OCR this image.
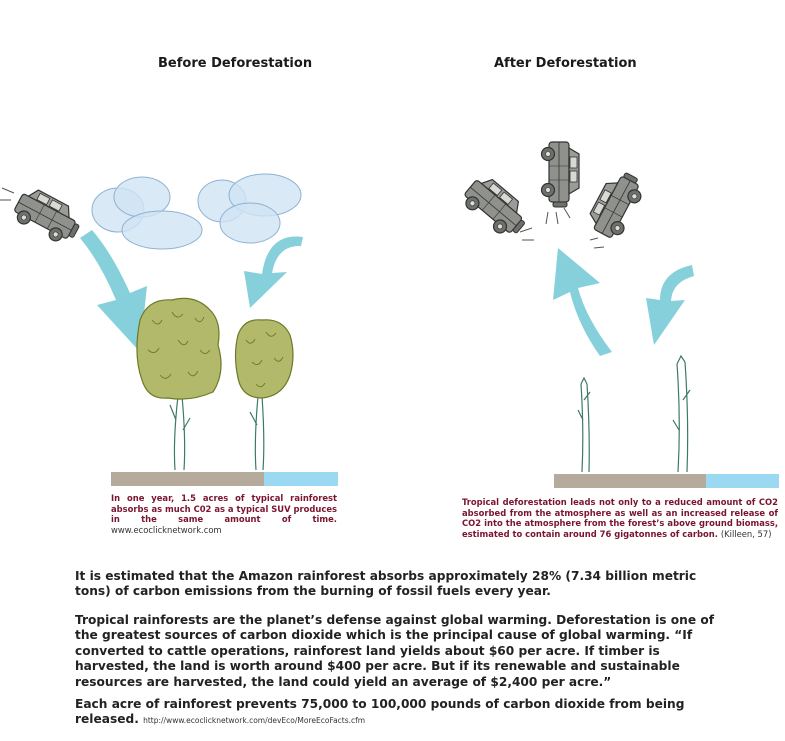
Before Deforestation	After Deforestation
In one year, 1.5 acres of typical rainforest absorbs as much C02 as a typical SUV produces in the same amount of time. www.ecoclicknetwork.com
Tropical deforestation leads not only to a reduced amount of CO2 absorbed from the atmosphere as well as an increased release of CO2 into the atmosphere from the forest’s above ground biomass, estimated to contain around 76 gigatonnes of carbon. (Killeen, 57)
It is estimated that the Amazon rainforest absorbs approximately 28% (7.34 billion metric tons) of carbon emissions from the burning of fossil fuels every year.
Tropical rainforests are the planet’s defense against global warming. Deforestation is one of the greatest sources of carbon dioxide which is the principal cause of global warming. “If converted to cattle operations, rainforest land yields about $60 per acre. If timber is harvested, the land is worth around $400 per acre. But if its renewable and sustainable resources are harvested, the land could yield an average of $2,400 per acre.”
Each acre of rainforest prevents 75,000 to 100,000 pounds of carbon dioxide from being released. http://www.ecoclicknetwork.com/devEco/MoreEcoFacts.cfm
